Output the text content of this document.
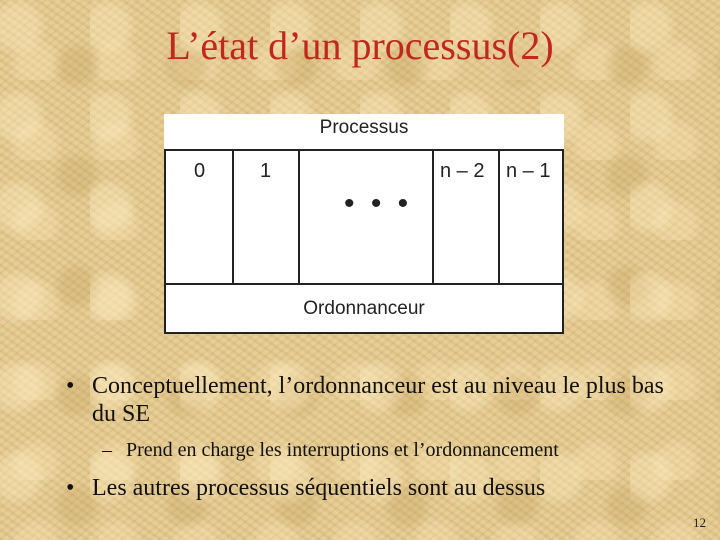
L’état d’un processus(2)
Processus
0	1
• • •
n – 2 n – 1
Ordonnanceur
• Conceptuellement, l’ordonnanceur est au niveau le plus bas du SE
– Prend en charge les interruptions et l’ordonnancement
• Les autres processus séquentiels sont au dessus
12
